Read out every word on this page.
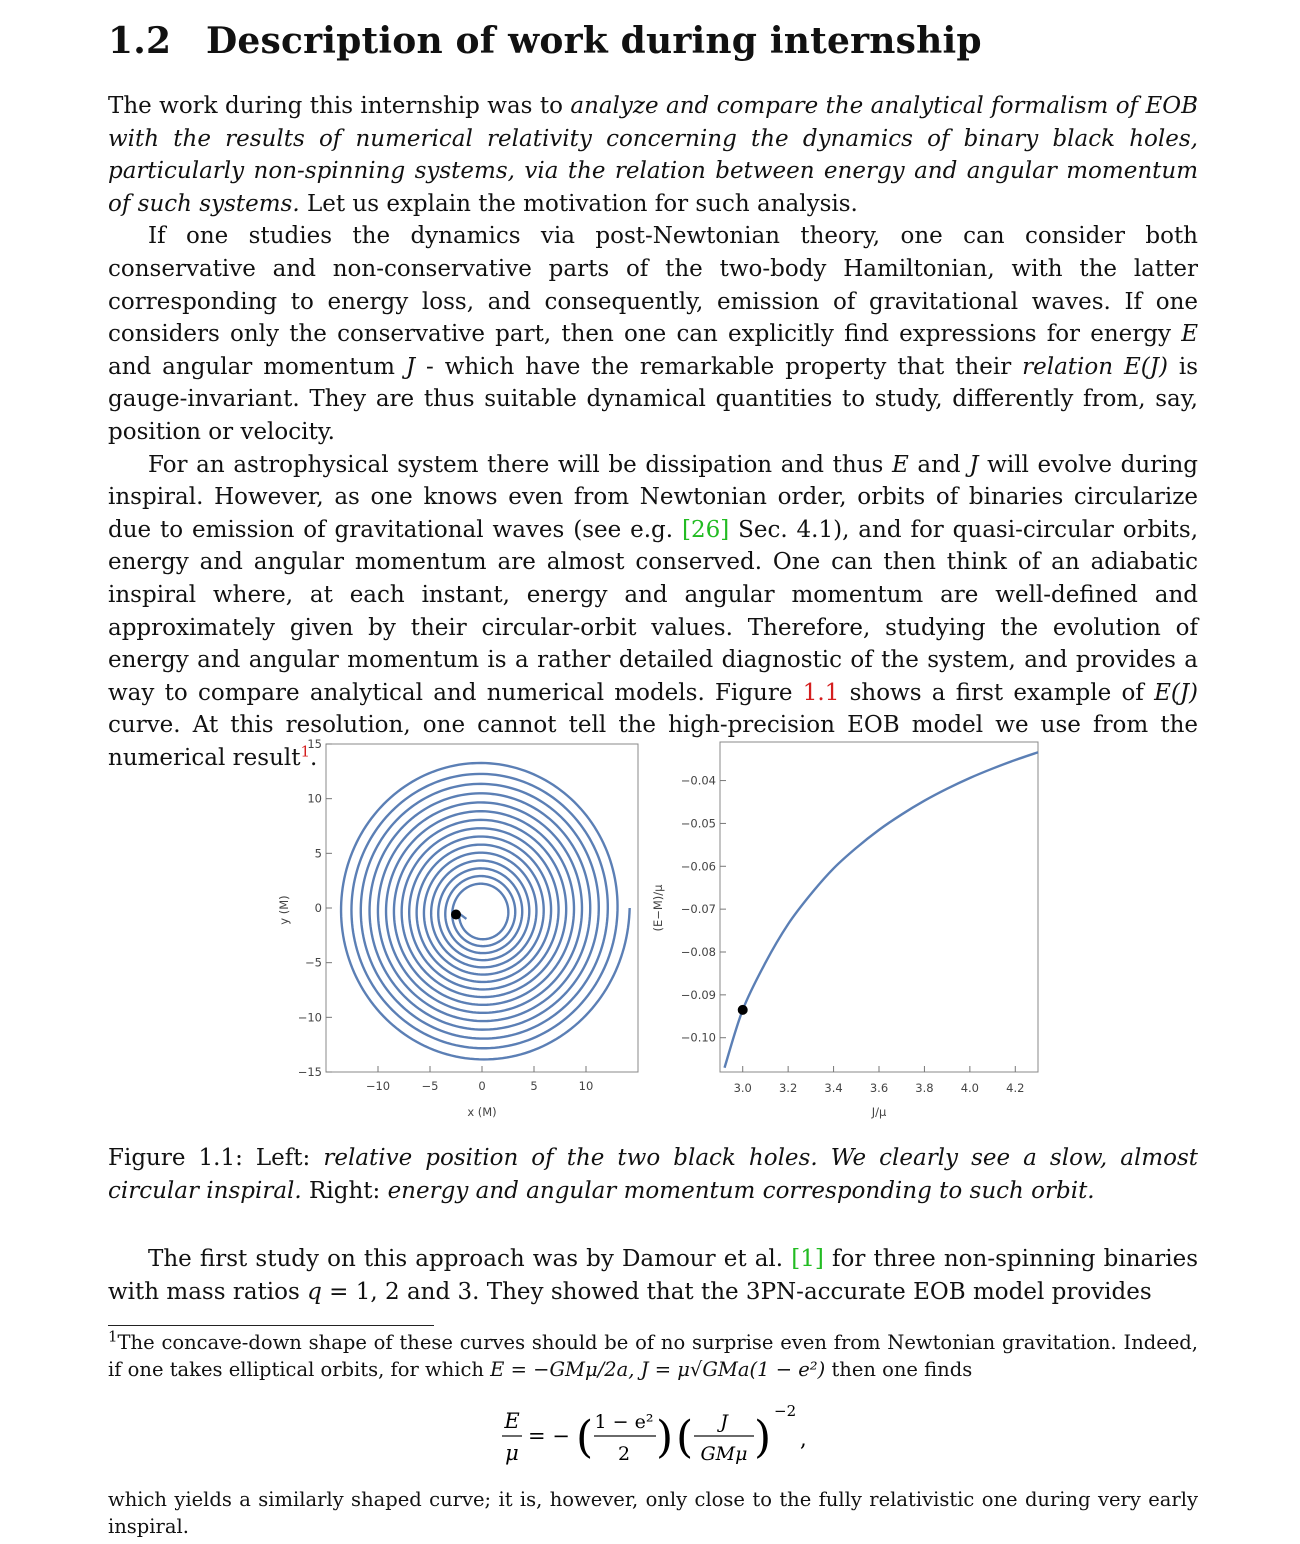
1.2 Description of work during internship

The work during this internship was to analyze and compare the analytical formalism of EOB with the results of numerical relativity concerning the dynamics of binary black holes, particularly non-spinning systems, via the relation between energy and angular momentum of such systems. Let us explain the motivation for such analysis.

If one studies the dynamics via post-Newtonian theory, one can consider both conservative and non-conservative parts of the two-body Hamiltonian, with the latter corresponding to energy loss, and consequently, emission of gravitational waves. If one considers only the conservative part, then one can explicitly find expressions for energy E and angular momentum J - which have the remarkable property that their relation E(J) is gauge-invariant. They are thus suitable dynamical quantities to study, differently from, say, position or velocity.

For an astrophysical system there will be dissipation and thus E and J will evolve during inspiral. However, as one knows even from Newtonian order, orbits of binaries circularize due to emission of gravitational waves (see e.g. [26] Sec. 4.1), and for quasi-circular orbits, energy and angular momentum are almost conserved. One can then think of an adiabatic inspiral where, at each instant, energy and angular momentum are well-defined and approximately given by their circular-orbit values. Therefore, studying the evolution of energy and angular momentum is a rather detailed diagnostic of the system, and provides a way to compare analytical and numerical models. Figure 1.1 shows a first example of E(J) curve. At this resolution, one cannot tell the high-precision EOB model we use from the numerical result$^1$.

−10	−5	0	5	10
15
10
5
0
−5
−10
−15
x (M)
y (M)
3.0 3.2 3.4 3.6 3.8 4.0 4.2
−0.04
−0.05
−0.06
−0.07
−0.08
−0.09
−0.10
J/μ
(E−M)/μ
Figure 1.1: Left: relative position of the two black holes. We clearly see a slow, almost circular inspiral. Right: energy and angular momentum corresponding to such orbit.

The first study on this approach was by Damour et al. [1] for three non-spinning binaries with mass ratios q = 1, 2 and 3. They showed that the 3PN-accurate EOB model provides

$^1$The concave-down shape of these curves should be of no surprise even from Newtonian gravitation. Indeed, if one takes elliptical orbits, for which E = −GMμ/2a, J = μ√GMa(1 − e²) then one finds

E
μ
= − ( 1 − e²
2 ) ( J
GMμ )
−2
,

which yields a similarly shaped curve; it is, however, only close to the fully relativistic one during very early inspiral.
